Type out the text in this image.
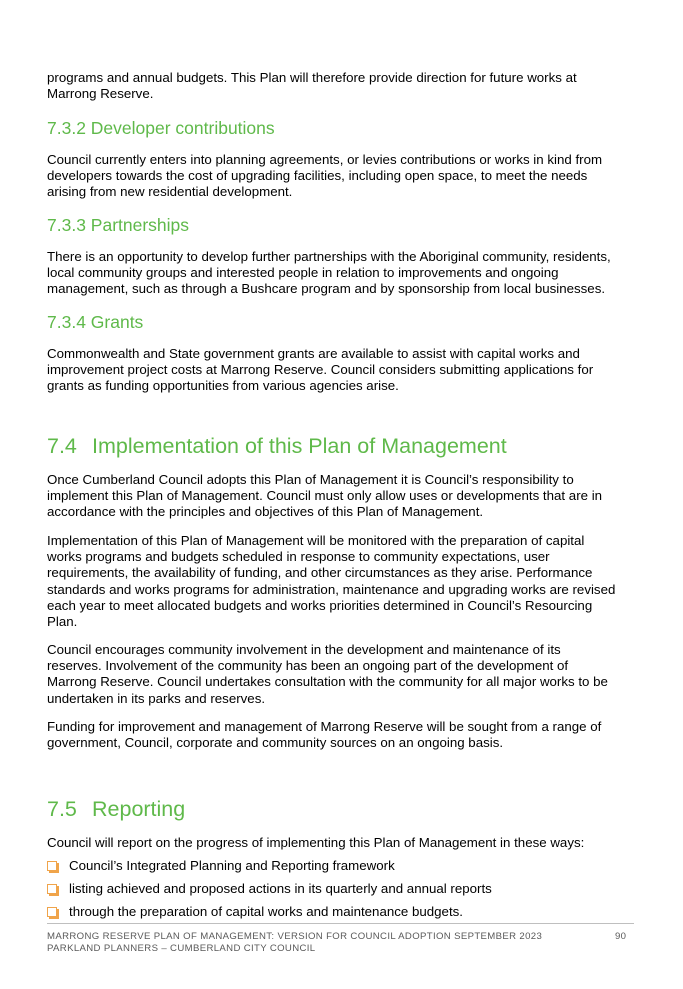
programs and annual budgets. This Plan will therefore provide direction for future works at
Marrong Reserve.
7.3.2 Developer contributions
Council currently enters into planning agreements, or levies contributions or works in kind from
developers towards the cost of upgrading facilities, including open space, to meet the needs
arising from new residential development.
7.3.3 Partnerships
There is an opportunity to develop further partnerships with the Aboriginal community, residents,
local community groups and interested people in relation to improvements and ongoing
management, such as through a Bushcare program and by sponsorship from local businesses.
7.3.4 Grants
Commonwealth and State government grants are available to assist with capital works and
improvement project costs at Marrong Reserve. Council considers submitting applications for
grants as funding opportunities from various agencies arise.
7.4 Implementation of this Plan of Management
Once Cumberland Council adopts this Plan of Management it is Council’s responsibility to
implement this Plan of Management. Council must only allow uses or developments that are in
accordance with the principles and objectives of this Plan of Management.
Implementation of this Plan of Management will be monitored with the preparation of capital
works programs and budgets scheduled in response to community expectations, user
requirements, the availability of funding, and other circumstances as they arise. Performance
standards and works programs for administration, maintenance and upgrading works are revised
each year to meet allocated budgets and works priorities determined in Council’s Resourcing
Plan.
Council encourages community involvement in the development and maintenance of its
reserves. Involvement of the community has been an ongoing part of the development of
Marrong Reserve. Council undertakes consultation with the community for all major works to be
undertaken in its parks and reserves.
Funding for improvement and management of Marrong Reserve will be sought from a range of
government, Council, corporate and community sources on an ongoing basis.
7.5 Reporting
Council will report on the progress of implementing this Plan of Management in these ways:
Council’s Integrated Planning and Reporting framework
listing achieved and proposed actions in its quarterly and annual reports
through the preparation of capital works and maintenance budgets.
MARRONG RESERVE PLAN OF MANAGEMENT: VERSION FOR COUNCIL ADOPTION SEPTEMBER 2023
PARKLAND PLANNERS – CUMBERLAND CITY COUNCIL
90
